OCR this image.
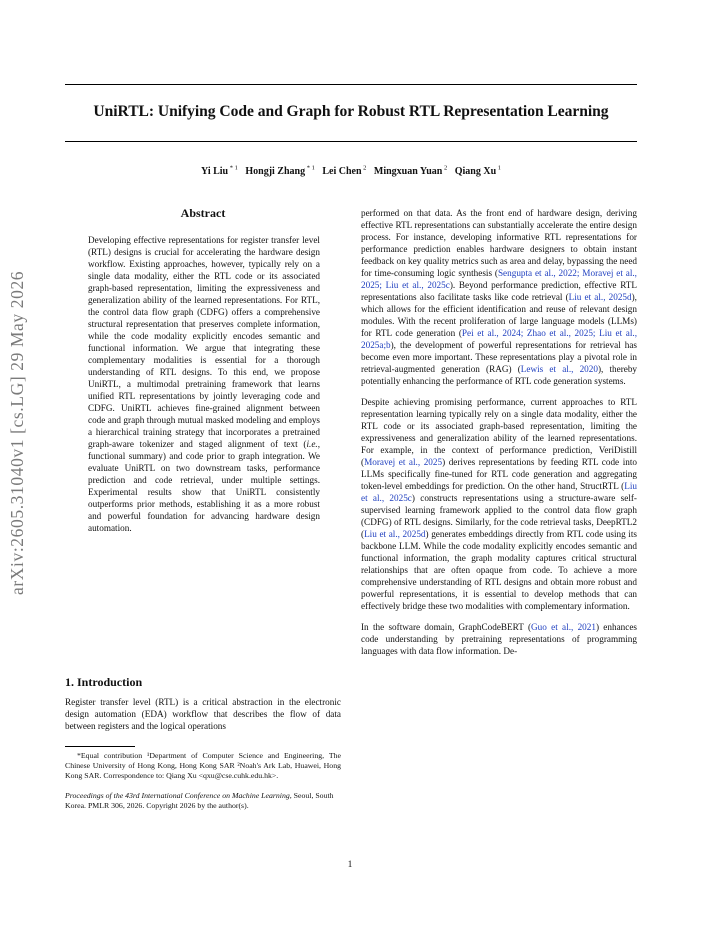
UniRTL: Unifying Code and Graph for Robust RTL Representation Learning
Yi Liu $^{* 1}$ Hongji Zhang $^{* 1}$ Lei Chen $^2$ Mingxuan Yuan $^2$ Qiang Xu $^1$
arXiv:2605.31040v1 [cs.LG] 29 May 2026
Abstract

Developing effective representations for register transfer level (RTL) designs is crucial for accelerating the hardware design workflow. Existing approaches, however, typically rely on a single data modality, either the RTL code or its associated graph-based representation, limiting the expressiveness and generalization ability of the learned representations. For RTL, the control data flow graph (CDFG) offers a comprehensive structural representation that preserves complete information, while the code modality explicitly encodes semantic and functional information. We argue that integrating these complementary modalities is essential for a thorough understanding of RTL designs. To this end, we propose UniRTL, a multimodal pretraining framework that learns unified RTL representations by jointly leveraging code and CDFG. UniRTL achieves fine-grained alignment between code and graph through mutual masked modeling and employs a hierarchical training strategy that incorporates a pretrained graph-aware tokenizer and staged alignment of text (i.e., functional summary) and code prior to graph integration. We evaluate UniRTL on two downstream tasks, performance prediction and code retrieval, under multiple settings. Experimental results show that UniRTL consistently outperforms prior methods, establishing it as a more robust and powerful foundation for advancing hardware design automation.

1. Introduction

Register transfer level (RTL) is a critical abstraction in the electronic design automation (EDA) workflow that describes the flow of data between registers and the logical operations

*Equal contribution ¹Department of Computer Science and Engineering, The Chinese University of Hong Kong, Hong Kong SAR ²Noah's Ark Lab, Huawei, Hong Kong SAR. Correspondence to: Qiang Xu <qxu@cse.cuhk.edu.hk>.
Proceedings of the 43rd International Conference on Machine Learning, Seoul, South Korea. PMLR 306, 2026. Copyright 2026 by the author(s).

performed on that data. As the front end of hardware design, deriving effective RTL representations can substantially accelerate the entire design process. For instance, developing informative RTL representations for performance prediction enables hardware designers to obtain instant feedback on key quality metrics such as area and delay, bypassing the need for time-consuming logic synthesis (Sengupta et al., 2022; Moravej et al., 2025; Liu et al., 2025c). Beyond performance prediction, effective RTL representations also facilitate tasks like code retrieval (Liu et al., 2025d), which allows for the efficient identification and reuse of relevant design modules. With the recent proliferation of large language models (LLMs) for RTL code generation (Pei et al., 2024; Zhao et al., 2025; Liu et al., 2025a;b), the development of powerful representations for retrieval has become even more important. These representations play a pivotal role in retrieval-augmented generation (RAG) (Lewis et al., 2020), thereby potentially enhancing the performance of RTL code generation systems.

Despite achieving promising performance, current approaches to RTL representation learning typically rely on a single data modality, either the RTL code or its associated graph-based representation, limiting the expressiveness and generalization ability of the learned representations. For example, in the context of performance prediction, VeriDistill (Moravej et al., 2025) derives representations by feeding RTL code into LLMs specifically fine-tuned for RTL code generation and aggregating token-level embeddings for prediction. On the other hand, StructRTL (Liu et al., 2025c) constructs representations using a structure-aware self-supervised learning framework applied to the control data flow graph (CDFG) of RTL designs. Similarly, for the code retrieval tasks, DeepRTL2 (Liu et al., 2025d) generates embeddings directly from RTL code using its backbone LLM. While the code modality explicitly encodes semantic and functional information, the graph modality captures critical structural relationships that are often opaque from code. To achieve a more comprehensive understanding of RTL designs and obtain more robust and powerful representations, it is essential to develop methods that can effectively bridge these two modalities with complementary information.

In the software domain, GraphCodeBERT (Guo et al., 2021) enhances code understanding by pretraining representations of programming languages with data flow information. De-

1
